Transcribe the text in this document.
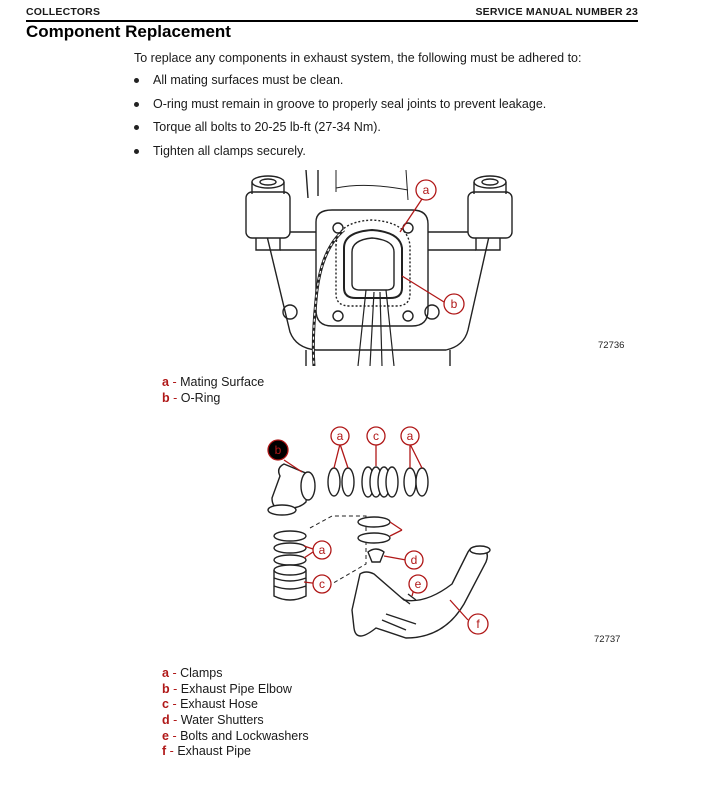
COLLECTORS	SERVICE MANUAL NUMBER 23
Component Replacement
To replace any components in exhaust system, the following must be adhered to:
All mating surfaces must be clean.
O-ring must remain in groove to properly seal joints to prevent leakage.
Torque all bolts to 20-25 lb-ft (27-34 Nm).
Tighten all clamps securely.
a
b
72736
a - Mating Surface
b - O-Ring
b
a c a
a
c
d
e
f
72737
a - Clamps
b - Exhaust Pipe Elbow
c - Exhaust Hose
d - Water Shutters
e - Bolts and Lockwashers
f - Exhaust Pipe
